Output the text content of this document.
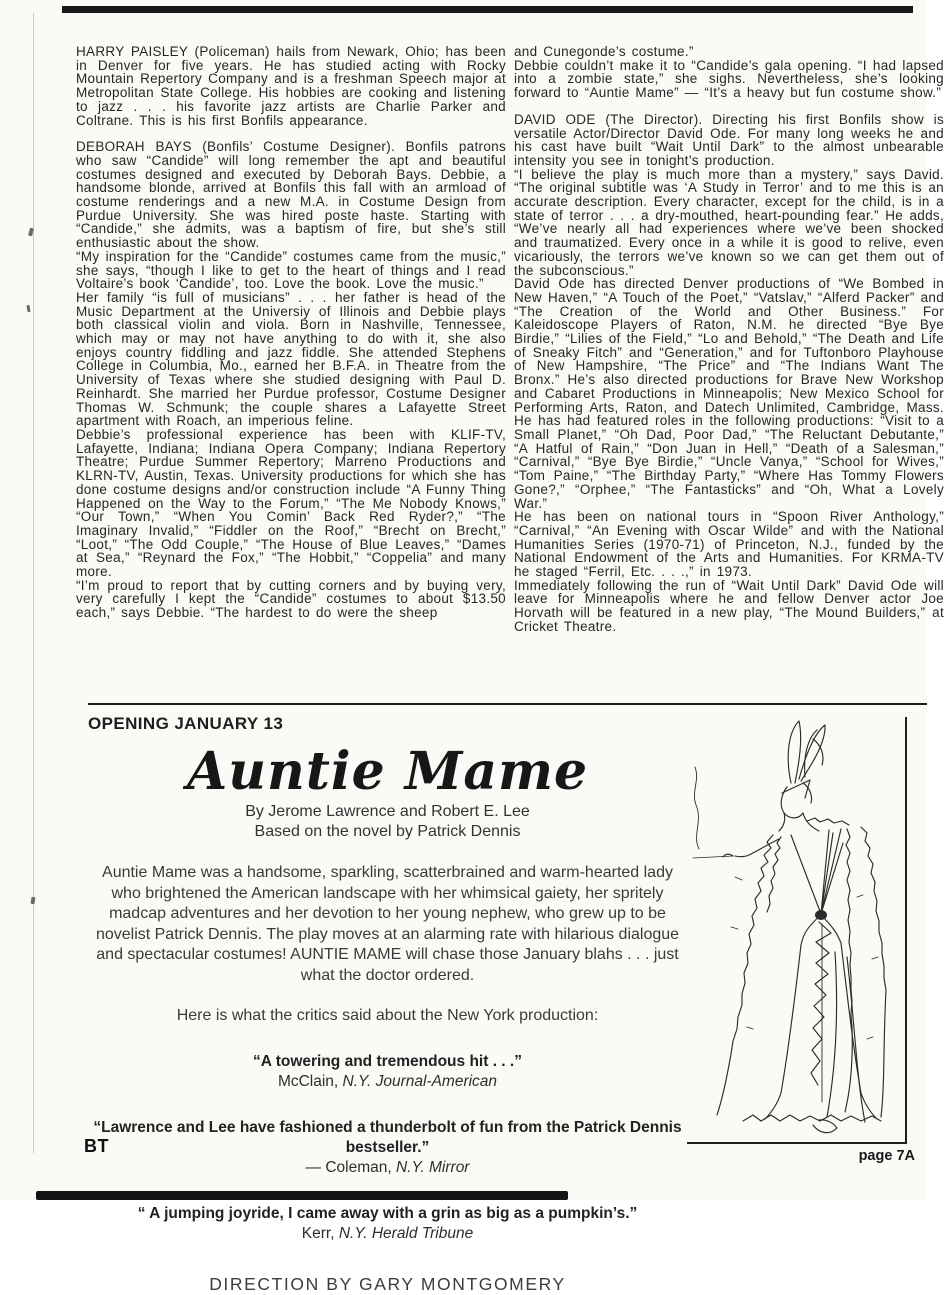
HARRY PAISLEY (Policeman) hails from Newark, Ohio; has been in Denver for five years. He has studied acting with Rocky Mountain Repertory Company and is a freshman Speech major at Metropolitan State College. His hobbies are cooking and listening to jazz . . . his favorite jazz artists are Charlie Parker and Coltrane. This is his first Bonfils appearance.

DEBORAH BAYS (Bonfils’ Costume Designer). Bonfils patrons who saw “Candide” will long remember the apt and beautiful costumes designed and executed by Deborah Bays. Debbie, a handsome blonde, arrived at Bonfils this fall with an armload of costume renderings and a new M.A. in Costume Design from Purdue University. She was hired poste haste. Starting with “Candide,” she admits, was a baptism of fire, but she’s still enthusiastic about the show.

“My inspiration for the “Candide” costumes came from the music,” she says, “though I like to get to the heart of things and I read Voltaire’s book ‘Candide’, too. Love the book. Love the music.”

Her family “is full of musicians” . . . her father is head of the Music Department at the Universiy of Illinois and Debbie plays both classical violin and viola. Born in Nashville, Tennessee, which may or may not have anything to do with it, she also enjoys country fiddling and jazz fiddle. She attended Stephens College in Columbia, Mo., earned her B.F.A. in Theatre from the University of Texas where she studied designing with Paul D. Reinhardt. She married her Purdue professor, Costume Designer Thomas W. Schmunk; the couple shares a Lafayette Street apartment with Roach, an imperious feline.

Debbie’s professional experience has been with KLIF-TV, Lafayette, Indiana; Indiana Opera Company; Indiana Repertory Theatre; Purdue Summer Repertory; Marreno Productions and KLRN-TV, Austin, Texas. University productions for which she has done costume designs and/or construction include “A Funny Thing Happened on the Way to the Forum,” “The Me Nobody Knows,” “Our Town,” “When You Comin’ Back Red Ryder?,” “The Imaginary Invalid,” “Fiddler on the Roof,” “Brecht on Brecht,” “Loot,” “The Odd Couple,” “The House of Blue Leaves,” “Dames at Sea,” “Reynard the Fox,” “The Hobbit,” “Coppelia” and many more.

“I’m proud to report that by cutting corners and by buying very, very carefully I kept the “Candide” costumes to about $13.50 each,” says Debbie. “The hardest to do were the sheep

and Cunegonde’s costume.”

Debbie couldn’t make it to “Candide’s gala opening. “I had lapsed into a zombie state,” she sighs. Nevertheless, she’s looking forward to “Auntie Mame” — “It’s a heavy but fun costume show.”

DAVID ODE (The Director). Directing his first Bonfils show is versatile Actor/Director David Ode. For many long weeks he and his cast have built “Wait Until Dark” to the almost unbearable intensity you see in tonight’s production.

“I believe the play is much more than a mystery,” says David. “The original subtitle was ‘A Study in Terror’ and to me this is an accurate description. Every character, except for the child, is in a state of terror . . . a dry-mouthed, heart-pounding fear.” He adds, “We’ve nearly all had experiences where we’ve been shocked and traumatized. Every once in a while it is good to relive, even vicariously, the terrors we’ve known so we can get them out of the subconscious.”

David Ode has directed Denver productions of “We Bombed in New Haven,” “A Touch of the Poet,” “Vatslav,” “Alferd Packer” and “The Creation of the World and Other Business.” For Kaleidoscope Players of Raton, N.M. he directed “Bye Bye Birdie,” “Lilies of the Field,” “Lo and Behold,” “The Death and Life of Sneaky Fitch” and “Generation,” and for Tuftonboro Playhouse of New Hampshire, “The Price” and “The Indians Want The Bronx.” He’s also directed productions for Brave New Workshop and Cabaret Productions in Minneapolis; New Mexico School for Performing Arts, Raton, and Datech Unlimited, Cambridge, Mass. He has had featured roles in the following productions: “Visit to a Small Planet,” “Oh Dad, Poor Dad,” “The Reluctant Debutante,” “A Hatful of Rain,” “Don Juan in Hell,” “Death of a Salesman,” “Carnival,” “Bye Bye Birdie,” “Uncle Vanya,” “School for Wives,” “Tom Paine,” “The Birthday Party,” “Where Has Tommy Flowers Gone?,” “Orphee,” “The Fantasticks” and “Oh, What a Lovely War.”

He has been on national tours in “Spoon River Anthology,” “Carnival,” “An Evening with Oscar Wilde” and with the National Humanities Series (1970-71) of Princeton, N.J., funded by the National Endowment of the Arts and Humanities. For KRMA-TV he staged “Ferril, Etc. . . .,” in 1973.

Immediately following the run of “Wait Until Dark” David Ode will leave for Minneapolis where he and fellow Denver actor Joe Horvath will be featured in a new play, “The Mound Builders,” at Cricket Theatre.

OPENING JANUARY 13
Auntie Mame
By Jerome Lawrence and Robert E. Lee
Based on the novel by Patrick Dennis

Auntie Mame was a handsome, sparkling, scatterbrained and warm-hearted lady who brightened the American landscape with her whimsical gaiety, her spritely madcap adventures and her devotion to her young nephew, who grew up to be novelist Patrick Dennis. The play moves at an alarming rate with hilarious dialogue and spectacular costumes! AUNTIE MAME will chase those January blahs . . . just what the doctor ordered.

Here is what the critics said about the New York production:
“A towering and tremendous hit . . .”
McClain, N.Y. Journal-American
“Lawrence and Lee have fashioned a thunderbolt of fun from the Patrick Dennis bestseller.”
— Coleman, N.Y. Mirror
“ A jumping joyride, I came away with a grin as big as a pumpkin’s.”
Kerr, N.Y. Herald Tribune
DIRECTION BY GARY MONTGOMERY
page 7A
BT
